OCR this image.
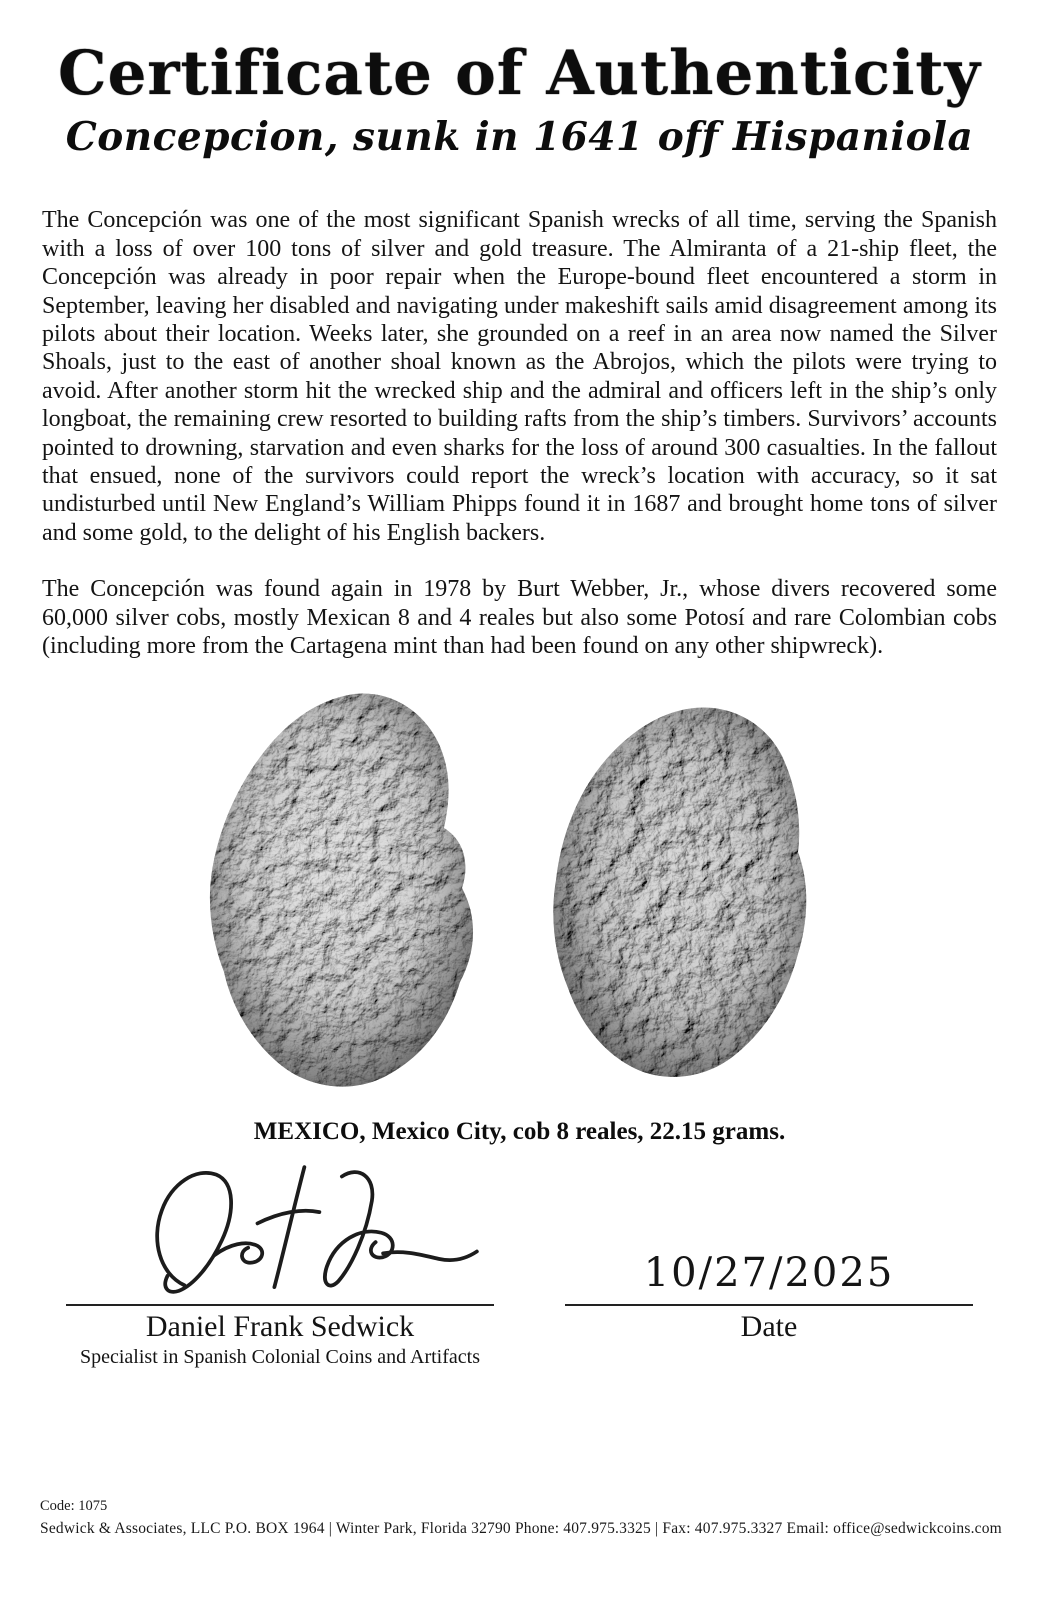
Certificate of Authenticity
Concepcion, sunk in 1641 off Hispaniola

The Concepción was one of the most significant Spanish wrecks of all time, serving the Spanish with a loss of over 100 tons of silver and gold treasure. The Almiranta of a 21-ship fleet, the Concepción was already in poor repair when the Europe-bound fleet encountered a storm in September, leaving her disabled and navigating under makeshift sails amid disagreement among its pilots about their location. Weeks later, she grounded on a reef in an area now named the Silver Shoals, just to the east of another shoal known as the Abrojos, which the pilots were trying to avoid. After another storm hit the wrecked ship and the admiral and officers left in the ship’s only longboat, the remaining crew resorted to building rafts from the ship’s timbers. Survivors’ accounts pointed to drowning, starvation and even sharks for the loss of around 300 casualties. In the fallout that ensued, none of the survivors could report the wreck’s location with accuracy, so it sat undisturbed until New England’s William Phipps found it in 1687 and brought home tons of silver and some gold, to the delight of his English backers.

The Concepción was found again in 1978 by Burt Webber, Jr., whose divers recovered some 60,000 silver cobs, mostly Mexican 8 and 4 reales but also some Potosí and rare Colombian cobs (including more from the Cartagena mint than had been found on any other shipwreck).

MEXICO, Mexico City, cob 8 reales, 22.15 grams.
Daniel Frank Sedwick
Specialist in Spanish Colonial Coins and Artifacts
10/27/2025
Date
Code: 1075
Sedwick & Associates, LLC P.O. BOX 1964 | Winter Park, Florida 32790 Phone: 407.975.3325 | Fax: 407.975.3327 Email: office@sedwickcoins.com
